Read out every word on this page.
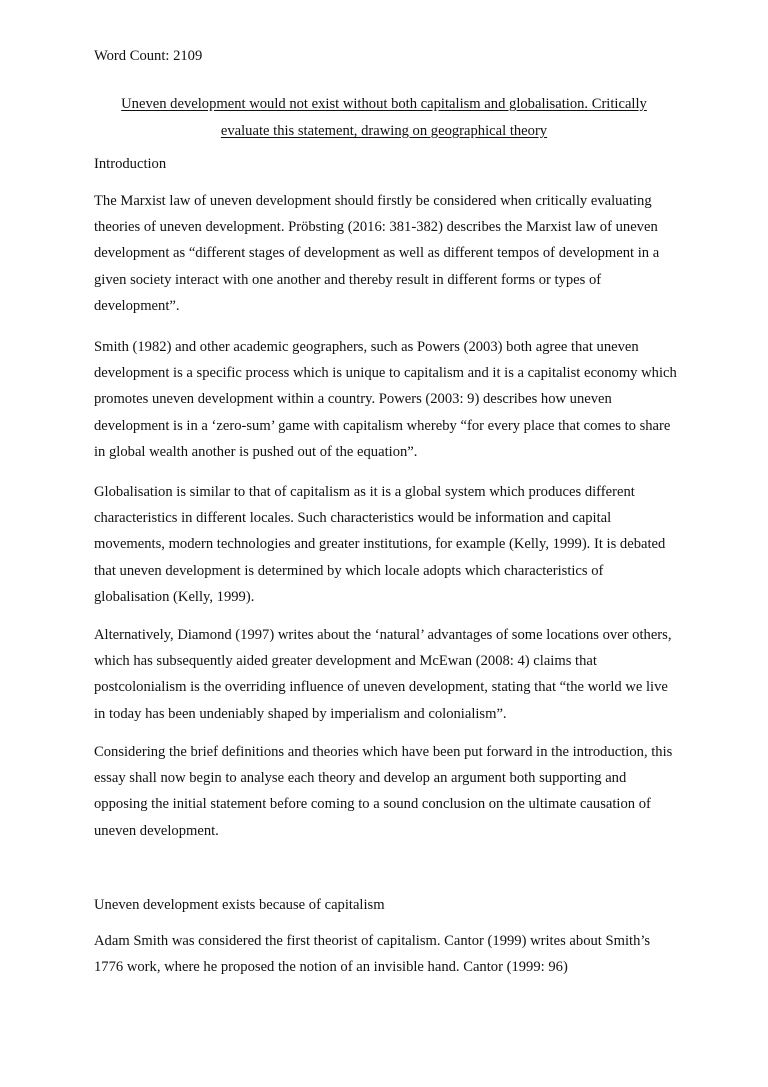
Word Count: 2109
Uneven development would not exist without both capitalism and globalisation. Critically
evaluate this statement, drawing on geographical theory
Introduction

The Marxist law of uneven development should firstly be considered when critically evaluating theories of uneven development. Pröbsting (2016: 381-382) describes the Marxist law of uneven development as “different stages of development as well as different tempos of development in a given society interact with one another and thereby result in different forms or types of development”.

Smith (1982) and other academic geographers, such as Powers (2003) both agree that uneven development is a specific process which is unique to capitalism and it is a capitalist economy which promotes uneven development within a country. Powers (2003: 9) describes how uneven development is in a ‘zero-sum’ game with capitalism whereby “for every place that comes to share in global wealth another is pushed out of the equation”.

Globalisation is similar to that of capitalism as it is a global system which produces different characteristics in different locales. Such characteristics would be information and capital movements, modern technologies and greater institutions, for example (Kelly, 1999). It is debated that uneven development is determined by which locale adopts which characteristics of globalisation (Kelly, 1999).

Alternatively, Diamond (1997) writes about the ‘natural’ advantages of some locations over others, which has subsequently aided greater development and McEwan (2008: 4) claims that postcolonialism is the overriding influence of uneven development, stating that “the world we live in today has been undeniably shaped by imperialism and colonialism”.

Considering the brief definitions and theories which have been put forward in the introduction, this essay shall now begin to analyse each theory and develop an argument both supporting and opposing the initial statement before coming to a sound conclusion on the ultimate causation of uneven development.

Uneven development exists because of capitalism

Adam Smith was considered the first theorist of capitalism. Cantor (1999) writes about Smith’s 1776 work, where he proposed the notion of an invisible hand. Cantor (1999: 96)
